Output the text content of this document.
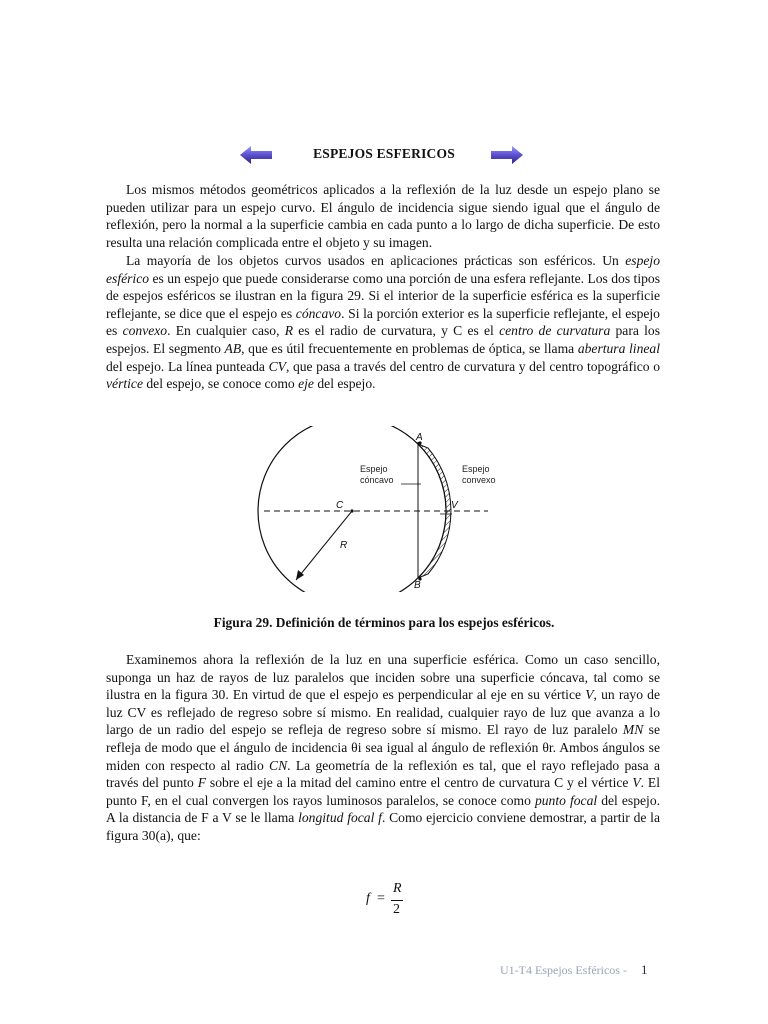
ESPEJOS ESFERICOS

Los mismos métodos geométricos aplicados a la reflexión de la luz desde un espejo plano se pueden utilizar para un espejo curvo. El ángulo de incidencia sigue siendo igual que el ángulo de reflexión, pero la normal a la superficie cambia en cada punto a lo largo de dicha superficie. De esto resulta una relación complicada entre el objeto y su imagen.

La mayoría de los objetos curvos usados en aplicaciones prácticas son esféricos. Un espejo esférico es un espejo que puede considerarse como una porción de una esfera reflejante. Los dos tipos de espejos esféricos se ilustran en la figura 29. Si el interior de la superficie esférica es la superficie reflejante, se dice que el espejo es cóncavo. Si la porción exterior es la superficie reflejante, el espejo es convexo. En cualquier caso, R es el radio de curvatura, y C es el centro de curvatura para los espejos. El segmento AB, que es útil frecuentemente en problemas de óptica, se llama abertura lineal del espejo. La línea punteada CV, que pasa a través del centro de curvatura y del centro topográfico o vértice del espejo, se conoce como eje del espejo.

A
B
C	V
R
Espejo
cóncavo
Espejo
convexo
Figura 29. Definición de términos para los espejos esféricos.

Examinemos ahora la reflexión de la luz en una superficie esférica. Como un caso sencillo, suponga un haz de rayos de luz paralelos que inciden sobre una superficie cóncava, tal como se ilustra en la figura 30. En virtud de que el espejo es perpendicular al eje en su vértice V, un rayo de luz CV es reflejado de regreso sobre sí mismo. En realidad, cualquier rayo de luz que avanza a lo largo de un radio del espejo se refleja de regreso sobre sí mismo. El rayo de luz paralelo MN se refleja de modo que el ángulo de incidencia θi sea igual al ángulo de reflexión θr. Ambos ángulos se miden con respecto al radio CN. La geometría de la reflexión es tal, que el rayo reflejado pasa a través del punto F sobre el eje a la mitad del camino entre el centro de curvatura C y el vértice V. El punto F, en el cual convergen los rayos luminosos paralelos, se conoce como punto focal del espejo. A la distancia de F a V se le llama longitud focal f. Como ejercicio conviene demostrar, a partir de la figura 30(a), que:

f =
R
2
U1-T4 Espejos Esféricos - 1
